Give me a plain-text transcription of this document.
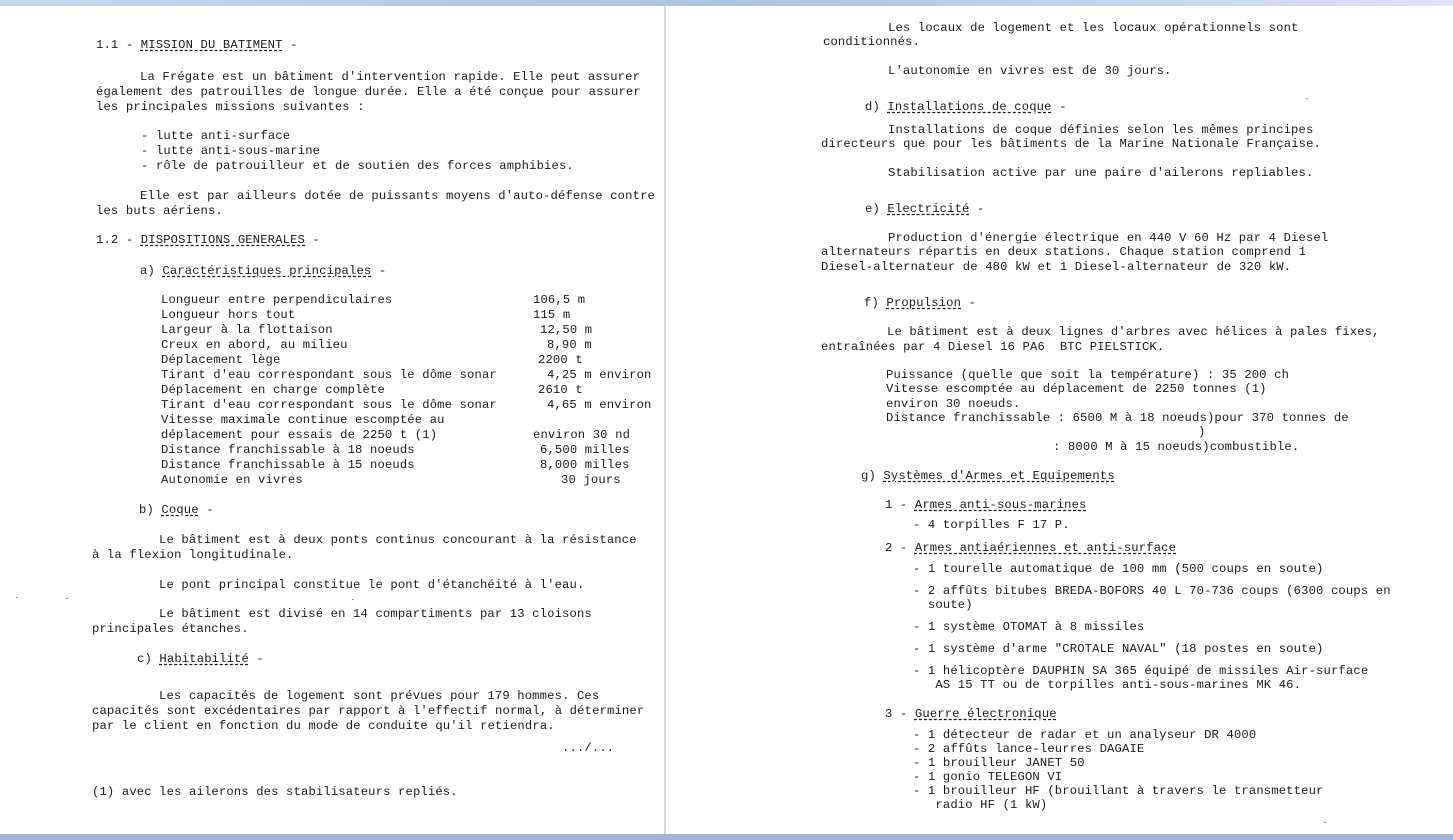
1.1 - MISSION DU BATIMENT -
La Frégate est un bâtiment d'intervention rapide. Elle peut assurer
également des patrouilles de longue durée. Elle a été conçue pour assurer
les principales missions suivantes :
- lutte anti-surface
- lutte anti-sous-marine
- rôle de patrouilleur et de soutien des forces amphibies.
Elle est par ailleurs dotée de puissants moyens d'auto-défense contre
les buts aériens.
1.2 - DISPOSITIONS GENERALES -
a) Caractéristiques principales -
Longueur entre perpendiculaires	106,5 m
Longueur hors tout	115 m
Largeur à la flottaison	12,50 m
Creux en abord, au milieu	8,90 m
Déplacement lège	2200 t
Tirant d'eau correspondant sous le dôme sonar	4,25 m environ
Déplacement en charge complète	2610 t
Tirant d'eau correspondant sous le dôme sonar	4,65 m environ
Vitesse maximale continue escomptée au
déplacement pour essais de 2250 t (1)	environ 30 nd
Distance franchissable à 18 noeuds	6,500 milles
Distance franchissable à 15 noeuds	8,000 milles
Autonomie en vivres	30 jours
b) Coque -
Le bâtiment est à deux ponts continus concourant à la résistance
à la flexion longitudinale.
Le pont principal constitue le pont d'étanchéité à l'eau.
Le bâtiment est divisé en 14 compartiments par 13 cloisons
principales étanches.
c) Habitabilité -
Les capacités de logement sont prévues pour 179 hommes. Ces
capacités sont excédentaires par rapport à l'effectif normal, à déterminer
par le client en fonction du mode de conduite qu'il retiendra.
.../...
(1) avec les ailerons des stabilisateurs repliés.
Les locaux de logement et les locaux opérationnels sont
conditionnés.
L'autonomie en vivres est de 30 jours.
d) Installations de coque -
Installations de coque définies selon les mêmes principes
directeurs que pour les bâtiments de la Marine Nationale Française.
Stabilisation active par une paire d'ailerons repliables.
e) Electricité -
Production d'énergie électrique en 440 V 60 Hz par 4 Diesel
alternateurs répartis en deux stations. Chaque station comprend 1
Diesel-alternateur de 480 kW et 1 Diesel-alternateur de 320 kW.
f) Propulsion -
Le bâtiment est à deux lignes d'arbres avec hélices à pales fixes,
entraînées par 4 Diesel 16 PA6  BTC PIELSTICK.
Puissance (quelle que soit la température) : 35 200 ch
Vitesse escomptée au déplacement de 2250 tonnes (1)
environ 30 noeuds.
Distance franchissable : 6500 M à 18 noeuds)pour 370 tonnes de
)
: 8000 M à 15 noeuds)combustible.
g) Systèmes d'Armes et Equipements
1 - Armes anti-sous-marines
- 4 torpilles F 17 P.
2 - Armes antiaériennes et anti-surface
- 1 tourelle automatique de 100 mm (500 coups en soute)
- 2 affûts bitubes BREDA-BOFORS 40 L 70-736 coups (6300 coups en
soute)
- 1 système OTOMAT à 8 missiles
- 1 système d'arme "CROTALE NAVAL" (18 postes en soute)
- 1 hélicoptère DAUPHIN SA 365 équipé de missiles Air-surface
AS 15 TT ou de torpilles anti-sous-marines MK 46.
3 - Guerre électronique
- 1 détecteur de radar et un analyseur DR 4000
- 2 affûts lance-leurres DAGAIE
- 1 brouilleur JANET 50
- 1 gonio TELEGON VI
- 1 brouilleur HF (brouillant à travers le transmetteur
radio HF (1 kW)
